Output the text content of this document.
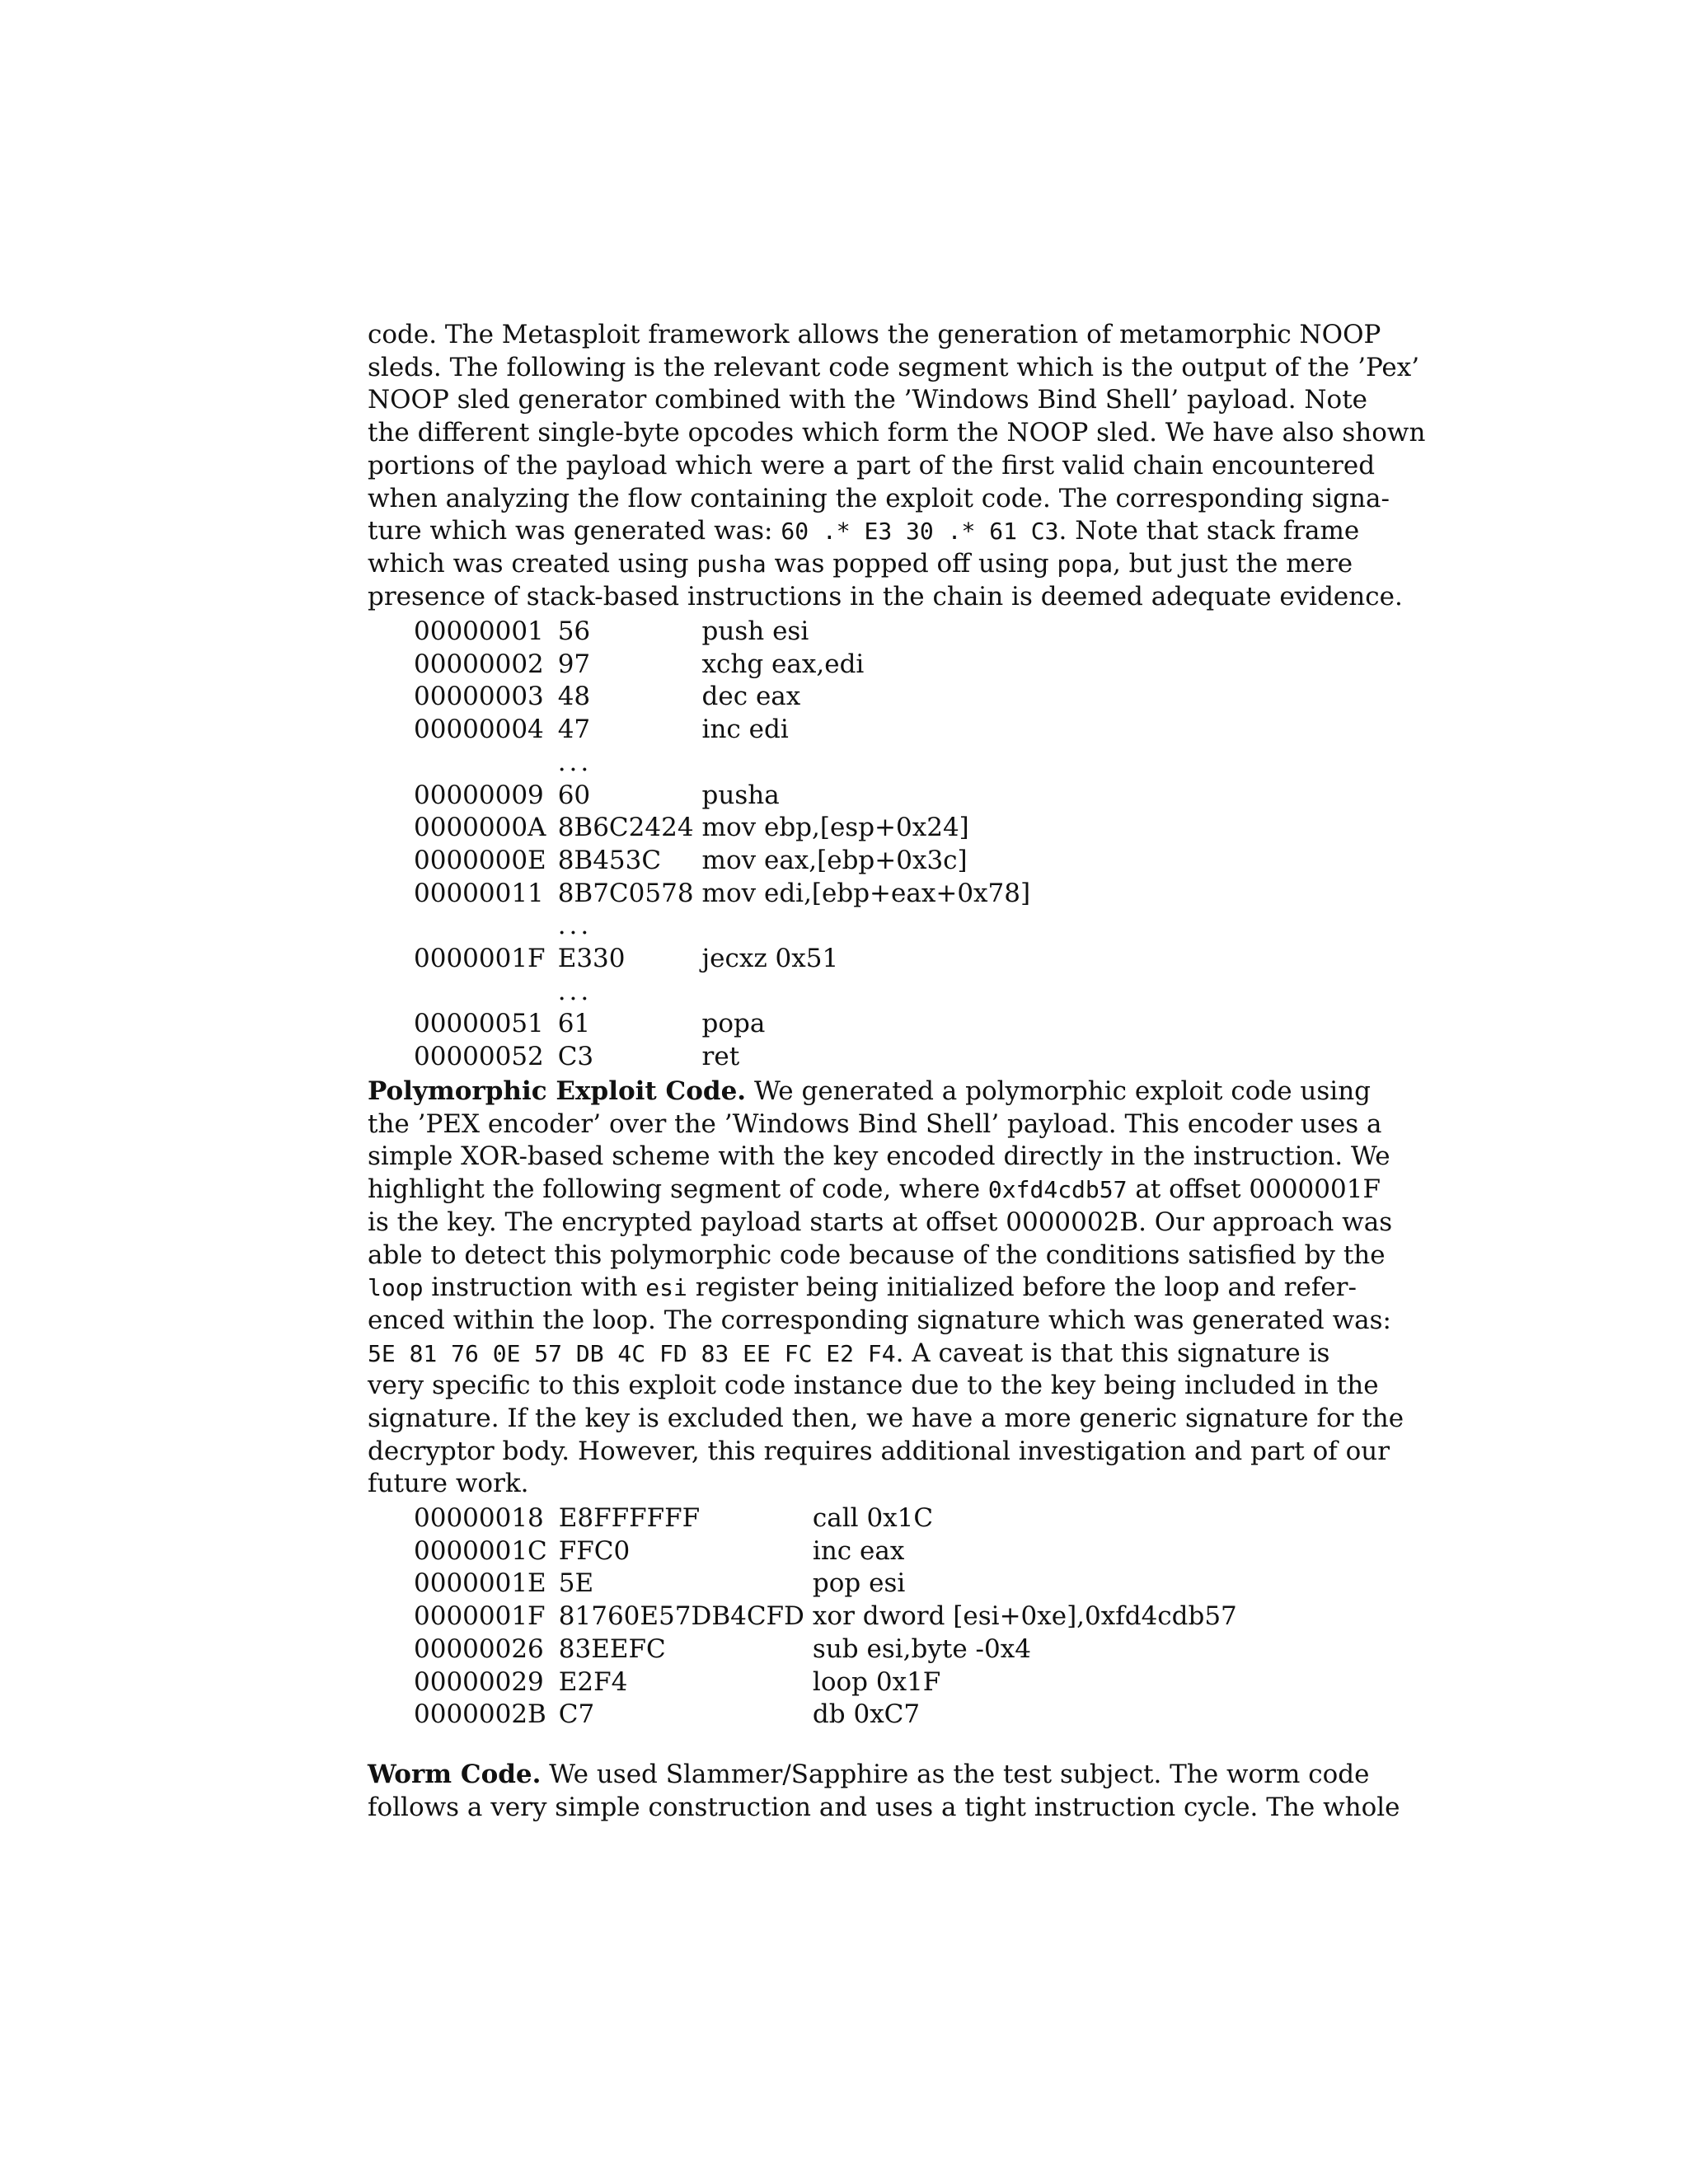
code. The Metasploit framework allows the generation of metamorphic NOOP
sleds. The following is the relevant code segment which is the output of the ’Pex’
NOOP sled generator combined with the ’Windows Bind Shell’ payload. Note
the different single-byte opcodes which form the NOOP sled. We have also shown
portions of the payload which were a part of the first valid chain encountered
when analyzing the flow containing the exploit code. The corresponding signa-
ture which was generated was: 60 .* E3 30 .* 61 C3. Note that stack frame
which was created using pusha was popped off using popa, but just the mere
presence of stack-based instructions in the chain is deemed adequate evidence.
00000001	56	push esi
00000002	97	xchg eax,edi
00000003	48	dec eax
00000004	47	inc edi
	...	
00000009	60	pusha
0000000A	8B6C2424	mov ebp,[esp+0x24]
0000000E	8B453C	mov eax,[ebp+0x3c]
00000011	8B7C0578	mov edi,[ebp+eax+0x78]
	...	
0000001F	E330	jecxz 0x51
	...	
00000051	61	popa
00000052	C3	ret
Polymorphic Exploit Code. We generated a polymorphic exploit code using
the ’PEX encoder’ over the ’Windows Bind Shell’ payload. This encoder uses a
simple XOR-based scheme with the key encoded directly in the instruction. We
highlight the following segment of code, where 0xfd4cdb57 at offset 0000001F
is the key. The encrypted payload starts at offset 0000002B. Our approach was
able to detect this polymorphic code because of the conditions satisfied by the
loop instruction with esi register being initialized before the loop and refer-
enced within the loop. The corresponding signature which was generated was:
5E 81 76 0E 57 DB 4C FD 83 EE FC E2 F4. A caveat is that this signature is
very specific to this exploit code instance due to the key being included in the
signature. If the key is excluded then, we have a more generic signature for the
decryptor body. However, this requires additional investigation and part of our
future work.
00000018	E8FFFFFF	call 0x1C
0000001C	FFC0	inc eax
0000001E	5E	pop esi
0000001F	81760E57DB4CFD	xor dword [esi+0xe],0xfd4cdb57
00000026	83EEFC	sub esi,byte -0x4
00000029	E2F4	loop 0x1F
0000002B	C7	db 0xC7
Worm Code. We used Slammer/Sapphire as the test subject. The worm code
follows a very simple construction and uses a tight instruction cycle. The whole
